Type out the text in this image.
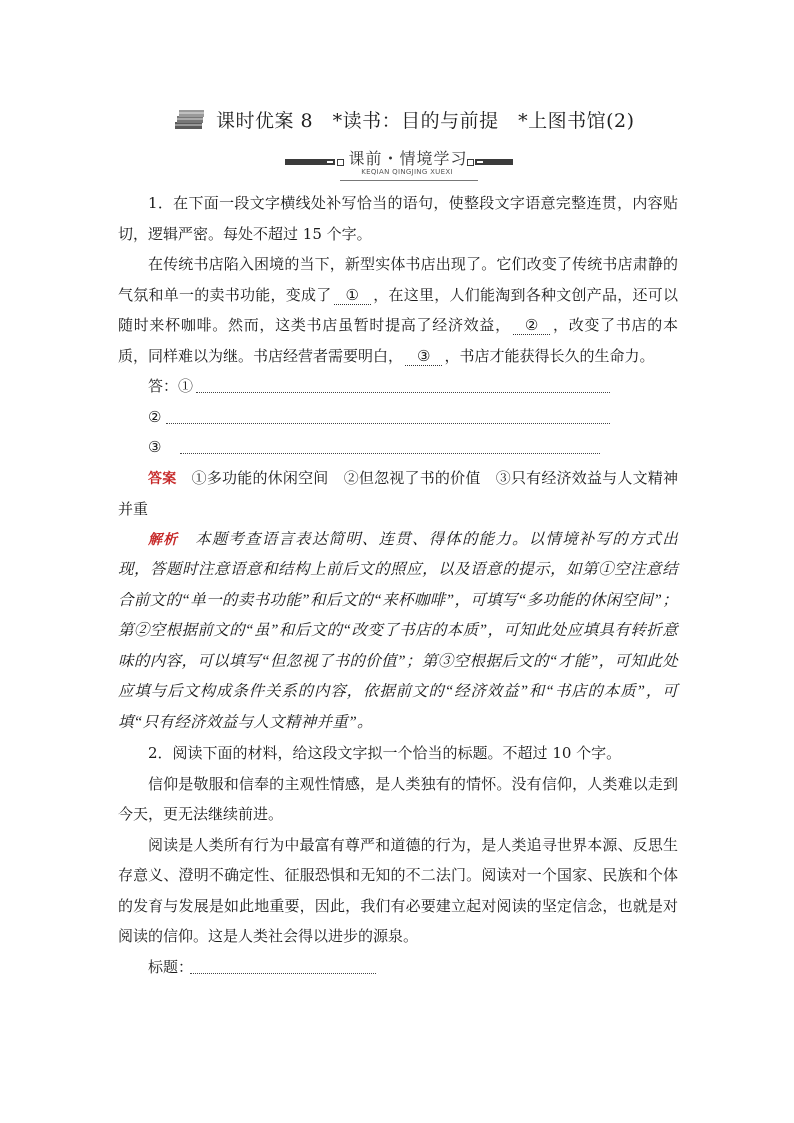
课时优案 8　*读书：目的与前提　*上图书馆(2)
课前・情境学习
KEQIAN QINGJING XUEXI

1．在下面一段文字横线处补写恰当的语句，使整段文字语意完整连贯，内容贴切，逻辑严密。每处不超过 15 个字。

在传统书店陷入困境的当下，新型实体书店出现了。它们改变了传统书店肃静的气氛和单一的卖书功能，变成了 ① ，在这里，人们能淘到各种文创产品，还可以随时来杯咖啡。然而，这类书店虽暂时提高了经济效益， ② ，改变了书店的本质，同样难以为继。书店经营者需要明白， ③ ，书店才能获得长久的生命力。

答：①
②
③

答案　 ①多功能的休闲空间　②但忽视了书的价值　③只有经济效益与人文精神并重

解析　 本题考查语言表达简明、连贯、得体的能力。以情境补写的方式出现，答题时注意语意和结构上前后文的照应，以及语意的提示，如第①空注意结合前文的“单一的卖书功能”和后文的“来杯咖啡”，可填写“多功能的休闲空间”；第②空根据前文的“虽”和后文的“改变了书店的本质”，可知此处应填具有转折意味的内容，可以填写“但忽视了书的价值”；第③空根据后文的“才能”，可知此处应填与后文构成条件关系的内容，依据前文的“经济效益”和“书店的本质”，可填“只有经济效益与人文精神并重”。

2．阅读下面的材料，给这段文字拟一个恰当的标题。不超过 10 个字。

信仰是敬服和信奉的主观性情感，是人类独有的情怀。没有信仰，人类难以走到今天，更无法继续前进。

阅读是人类所有行为中最富有尊严和道德的行为，是人类追寻世界本源、反思生存意义、澄明不确定性、征服恐惧和无知的不二法门。阅读对一个国家、民族和个体的发育与发展是如此地重要，因此，我们有必要建立起对阅读的坚定信念，也就是对阅读的信仰。这是人类社会得以进步的源泉。

标题：
